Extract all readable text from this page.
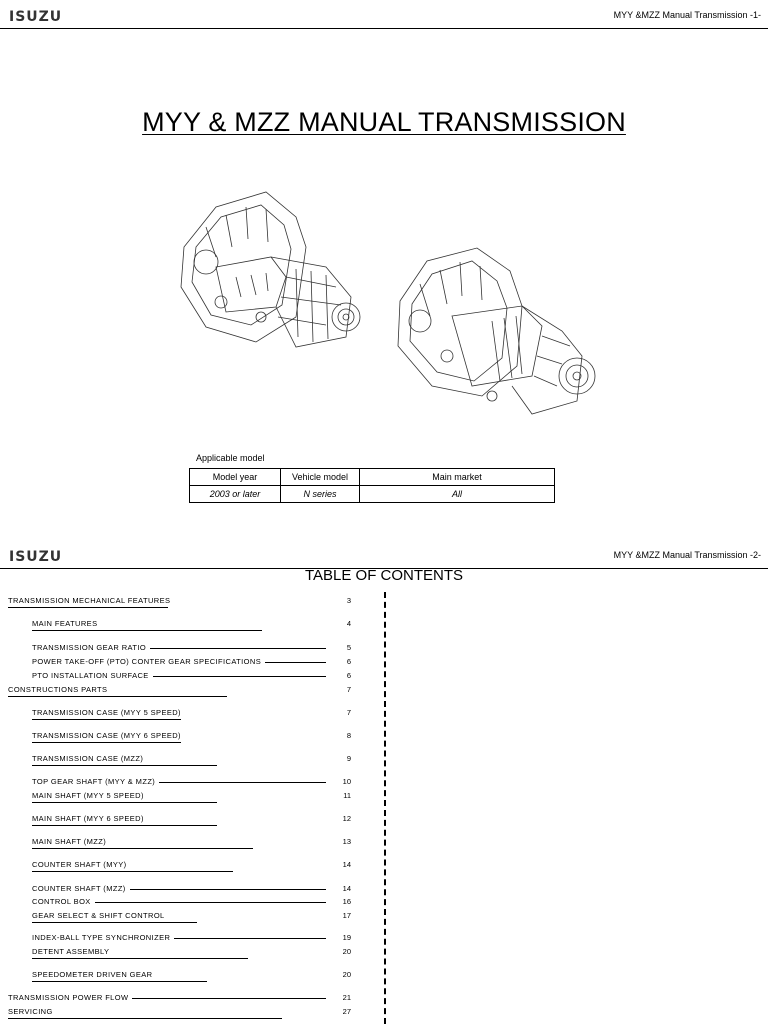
ISUZU	MYY &MZZ Manual Transmission -1-
MYY & MZZ MANUAL TRANSMISSION
Applicable model
Model year	Vehicle model	Main market
2003 or later	N series	All
ISUZU	MYY &MZZ Manual Transmission -2-
TABLE OF CONTENTS
TRANSMISSION MECHANICAL FEATURES	3
MAIN FEATURES	4
TRANSMISSION GEAR RATIO	5
POWER TAKE-OFF (PTO) CONTER GEAR SPECIFICATIONS	6
PTO INSTALLATION SURFACE	6
CONSTRUCTIONS PARTS	7
TRANSMISSION CASE (MYY 5 SPEED)	7
TRANSMISSION CASE (MYY 6 SPEED)	8
TRANSMISSION CASE (MZZ)	9
TOP GEAR SHAFT (MYY & MZZ)	10
MAIN SHAFT (MYY 5 SPEED)	11
MAIN SHAFT (MYY 6 SPEED)	12
MAIN SHAFT (MZZ)	13
COUNTER SHAFT (MYY)	14
COUNTER SHAFT (MZZ)	14
CONTROL BOX	16
GEAR SELECT & SHIFT CONTROL	17
INDEX-BALL TYPE SYNCHRONIZER	19
DETENT ASSEMBLY	20
SPEEDOMETER DRIVEN GEAR	20
TRANSMISSION POWER FLOW	21
SERVICING	27
